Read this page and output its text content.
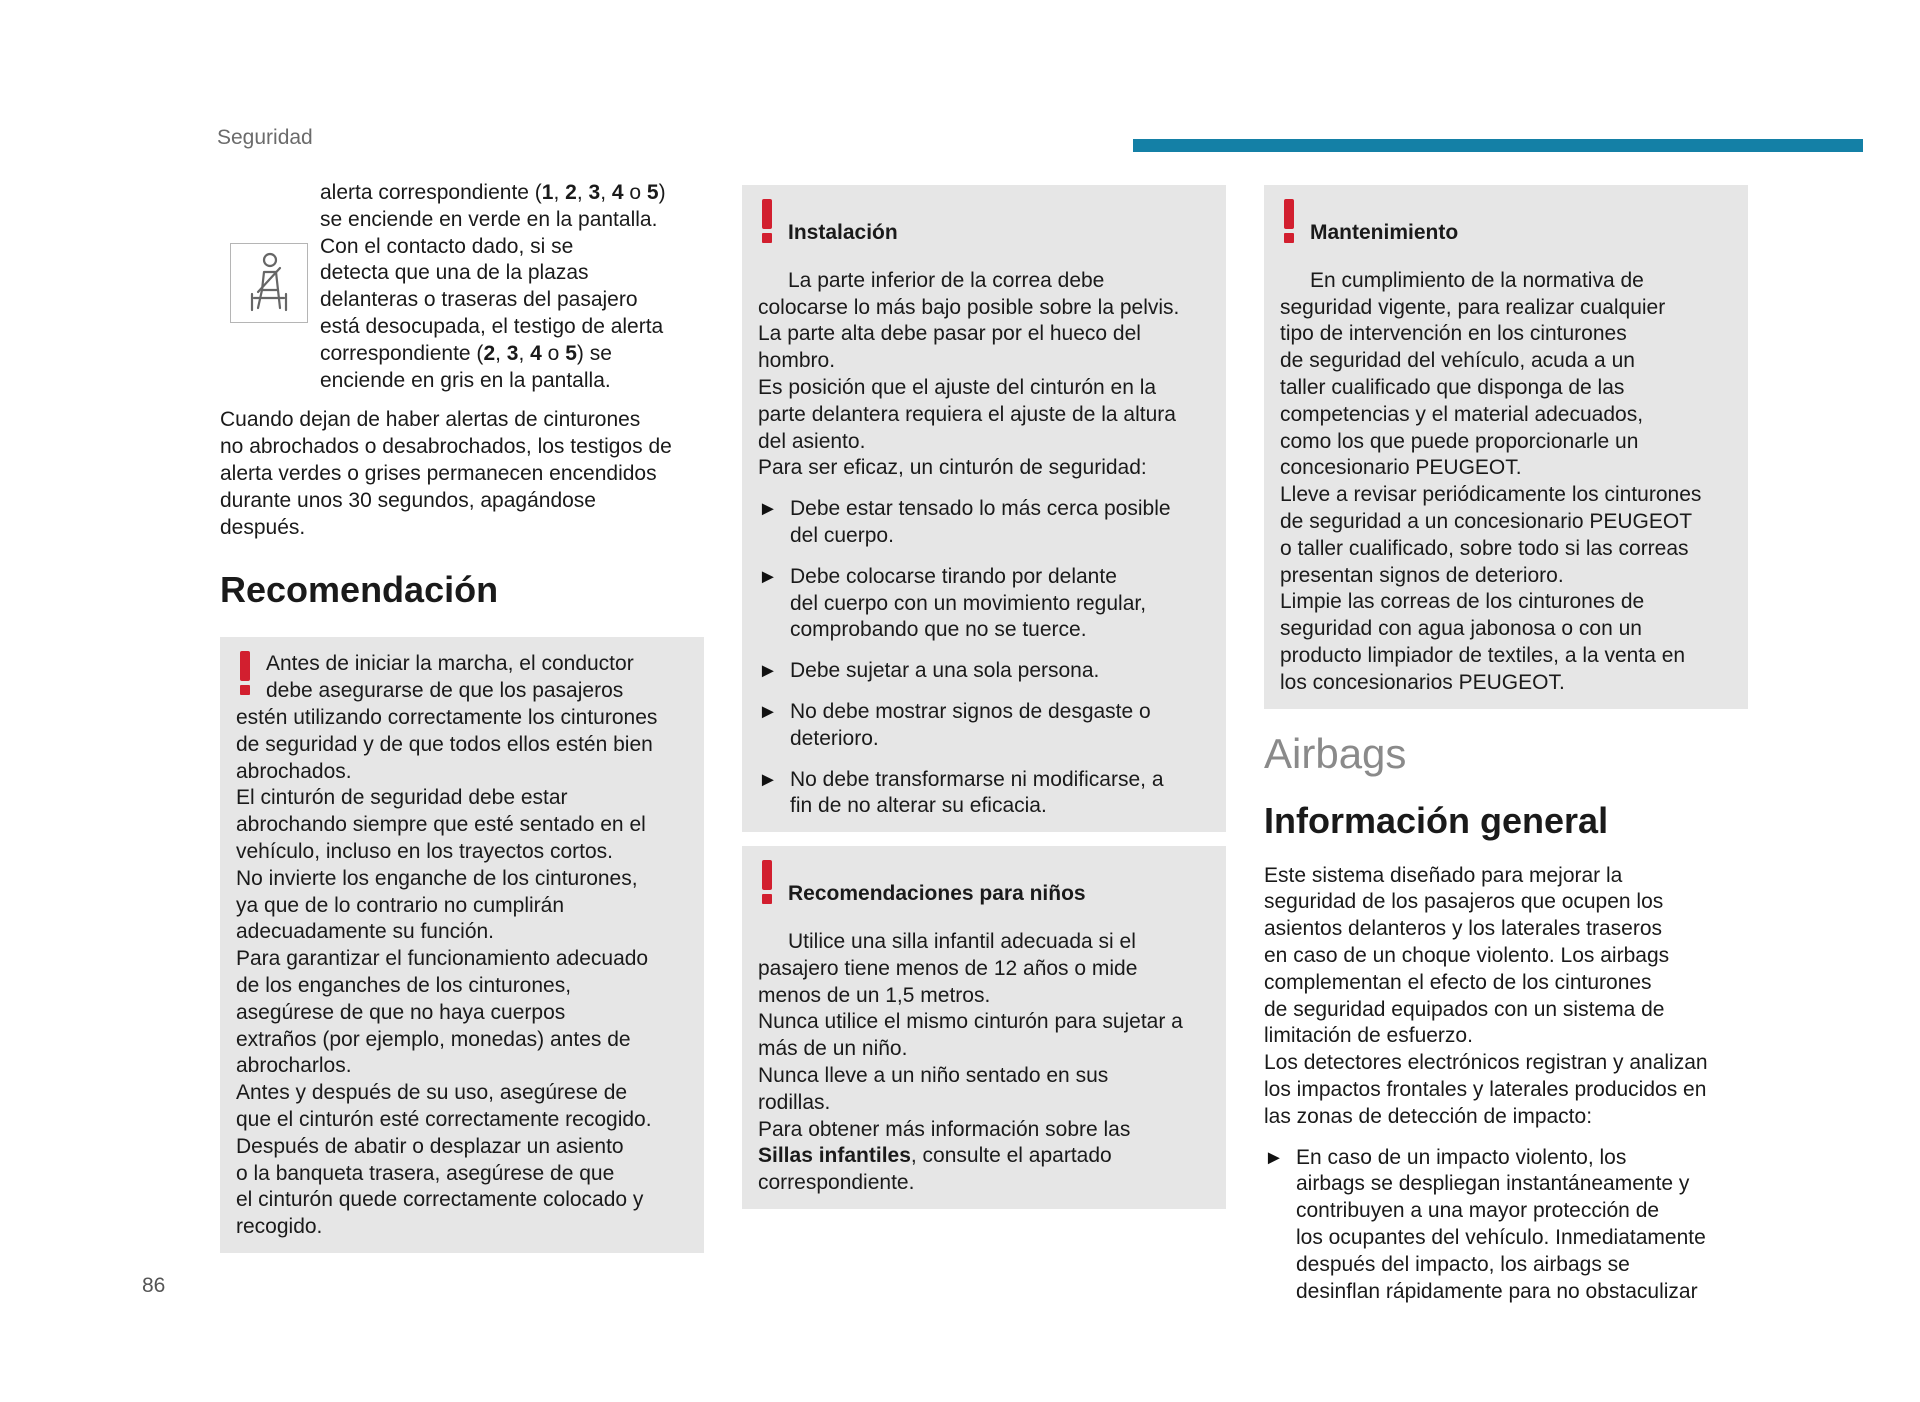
Seguridad

alerta correspondiente (1, 2, 3, 4 o 5)

se enciende en verde en la pantalla.

Con el contacto dado, si se

detecta que una de la plazas

delanteras o traseras del pasajero

está desocupada, el testigo de alerta

correspondiente (2, 3, 4 o 5) se

enciende en gris en la pantalla.

Cuando dejan de haber alertas de cinturones

no abrochados o desabrochados, los testigos de

alerta verdes o grises permanecen encendidos

durante unos 30 segundos, apagándose

después.

Recomendación

Antes de iniciar la marcha, el conductor

debe asegurarse de que los pasajeros

estén utilizando correctamente los cinturones

de seguridad y de que todos ellos estén bien

abrochados.

El cinturón de seguridad debe estar

abrochando siempre que esté sentado en el

vehículo, incluso en los trayectos cortos.

No invierte los enganche de los cinturones,

ya que de lo contrario no cumplirán

adecuadamente su función.

Para garantizar el funcionamiento adecuado

de los enganches de los cinturones,

asegúrese de que no haya cuerpos

extraños (por ejemplo, monedas) antes de

abrocharlos.

Antes y después de su uso, asegúrese de

que el cinturón esté correctamente recogido.

Después de abatir o desplazar un asiento

o la banqueta trasera, asegúrese de que

el cinturón quede correctamente colocado y

recogido.

Instalación

La parte inferior de la correa debe

colocarse lo más bajo posible sobre la pelvis.

La parte alta debe pasar por el hueco del

hombro.

Es posición que el ajuste del cinturón en la

parte delantera requiera el ajuste de la altura

del asiento.

Para ser eficaz, un cinturón de seguridad:

► Debe estar tensado lo más cerca posible
del cuerpo.
► Debe colocarse tirando por delante
del cuerpo con un movimiento regular,
comprobando que no se tuerce.
► Debe sujetar a una sola persona.
► No debe mostrar signos de desgaste o
deterioro.
► No debe transformarse ni modificarse, a
fin de no alterar su eficacia.

Recomendaciones para niños

Utilice una silla infantil adecuada si el

pasajero tiene menos de 12 años o mide

menos de un 1,5 metros.

Nunca utilice el mismo cinturón para sujetar a

más de un niño.

Nunca lleve a un niño sentado en sus

rodillas.

Para obtener más información sobre las

Sillas infantiles, consulte el apartado

correspondiente.

Mantenimiento

En cumplimiento de la normativa de

seguridad vigente, para realizar cualquier

tipo de intervención en los cinturones

de seguridad del vehículo, acuda a un

taller cualificado que disponga de las

competencias y el material adecuados,

como los que puede proporcionarle un

concesionario PEUGEOT.

Lleve a revisar periódicamente los cinturones

de seguridad a un concesionario PEUGEOT

o taller cualificado, sobre todo si las correas

presentan signos de deterioro.

Limpie las correas de los cinturones de

seguridad con agua jabonosa o con un

producto limpiador de textiles, a la venta en

los concesionarios PEUGEOT.

Airbags
Información general

Este sistema diseñado para mejorar la

seguridad de los pasajeros que ocupen los

asientos delanteros y los laterales traseros

en caso de un choque violento. Los airbags

complementan el efecto de los cinturones

de seguridad equipados con un sistema de

limitación de esfuerzo.

Los detectores electrónicos registran y analizan

los impactos frontales y laterales producidos en

las zonas de detección de impacto:

► En caso de un impacto violento, los
airbags se despliegan instantáneamente y
contribuyen a una mayor protección de
los ocupantes del vehículo. Inmediatamente
después del impacto, los airbags se
desinflan rápidamente para no obstaculizar
86
